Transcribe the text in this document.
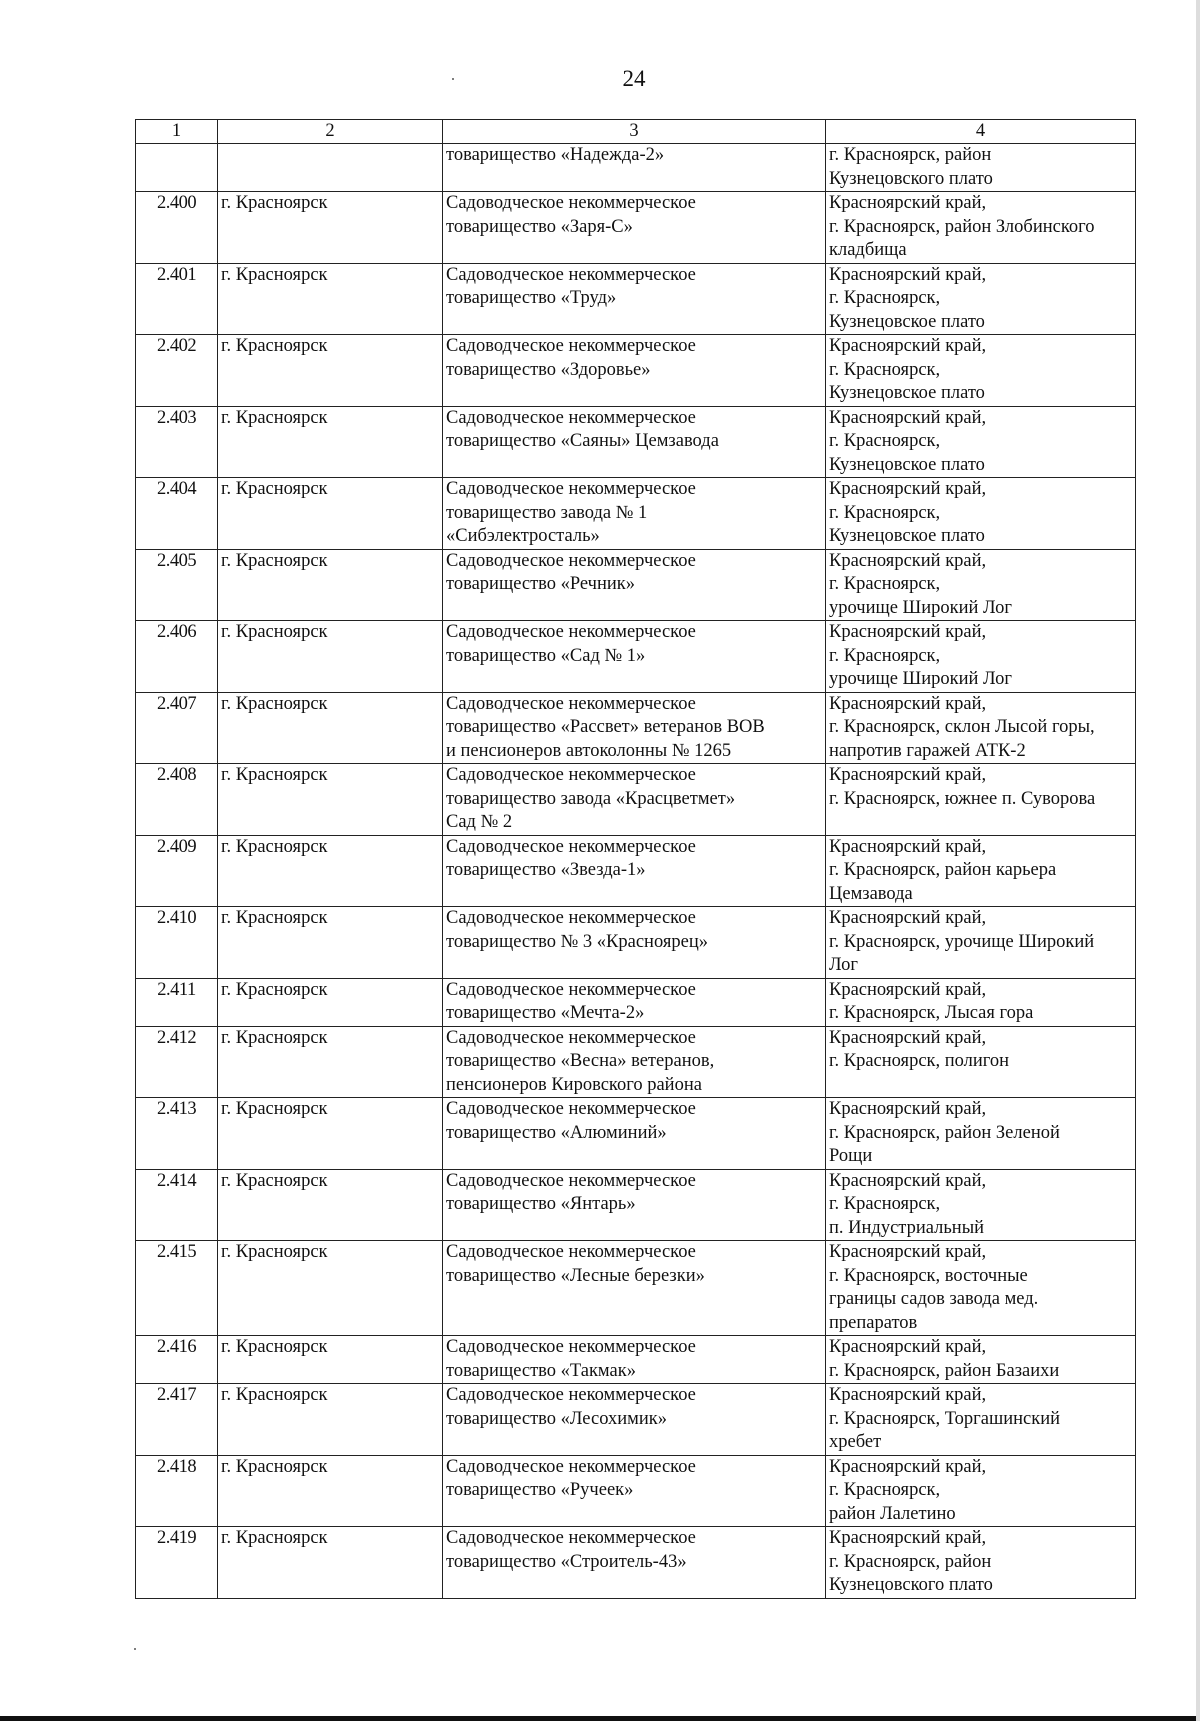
24
1	2	3	4
		товарищество «Надежда-2»	г. Красноярск, район
Кузнецовского плато
2.400	г. Красноярск	Садоводческое некоммерческое
товарищество «Заря-С»	Красноярский край,
г. Красноярск, район Злобинского
кладбища
2.401	г. Красноярск	Садоводческое некоммерческое
товарищество «Труд»	Красноярский край,
г. Красноярск,
Кузнецовское плато
2.402	г. Красноярск	Садоводческое некоммерческое
товарищество «Здоровье»	Красноярский край,
г. Красноярск,
Кузнецовское плато
2.403	г. Красноярск	Садоводческое некоммерческое
товарищество «Саяны» Цемзавода	Красноярский край,
г. Красноярск,
Кузнецовское плато
2.404	г. Красноярск	Садоводческое некоммерческое
товарищество завода № 1
«Сибэлектросталь»	Красноярский край,
г. Красноярск,
Кузнецовское плато
2.405	г. Красноярск	Садоводческое некоммерческое
товарищество «Речник»	Красноярский край,
г. Красноярск,
урочище Широкий Лог
2.406	г. Красноярск	Садоводческое некоммерческое
товарищество «Сад № 1»	Красноярский край,
г. Красноярск,
урочище Широкий Лог
2.407	г. Красноярск	Садоводческое некоммерческое
товарищество «Рассвет» ветеранов ВОВ
и пенсионеров автоколонны № 1265	Красноярский край,
г. Красноярск, склон Лысой горы,
напротив гаражей АТК-2
2.408	г. Красноярск	Садоводческое некоммерческое
товарищество завода «Красцветмет»
Сад № 2	Красноярский край,
г. Красноярск, южнее п. Суворова
2.409	г. Красноярск	Садоводческое некоммерческое
товарищество «Звезда-1»	Красноярский край,
г. Красноярск, район карьера
Цемзавода
2.410	г. Красноярск	Садоводческое некоммерческое
товарищество № 3 «Красноярец»	Красноярский край,
г. Красноярск, урочище Широкий
Лог
2.411	г. Красноярск	Садоводческое некоммерческое
товарищество «Мечта-2»	Красноярский край,
г. Красноярск, Лысая гора
2.412	г. Красноярск	Садоводческое некоммерческое
товарищество «Весна» ветеранов,
пенсионеров Кировского района	Красноярский край,
г. Красноярск, полигон
2.413	г. Красноярск	Садоводческое некоммерческое
товарищество «Алюминий»	Красноярский край,
г. Красноярск, район Зеленой
Рощи
2.414	г. Красноярск	Садоводческое некоммерческое
товарищество «Янтарь»	Красноярский край,
г. Красноярск,
п. Индустриальный
2.415	г. Красноярск	Садоводческое некоммерческое
товарищество «Лесные березки»	Красноярский край,
г. Красноярск, восточные
границы садов завода мед.
препаратов
2.416	г. Красноярск	Садоводческое некоммерческое
товарищество «Такмак»	Красноярский край,
г. Красноярск, район Базаихи
2.417	г. Красноярск	Садоводческое некоммерческое
товарищество «Лесохимик»	Красноярский край,
г. Красноярск, Торгашинский
хребет
2.418	г. Красноярск	Садоводческое некоммерческое
товарищество «Ручеек»	Красноярский край,
г. Красноярск,
район Лалетино
2.419	г. Красноярск	Садоводческое некоммерческое
товарищество «Строитель-43»	Красноярский край,
г. Красноярск, район
Кузнецовского плато
